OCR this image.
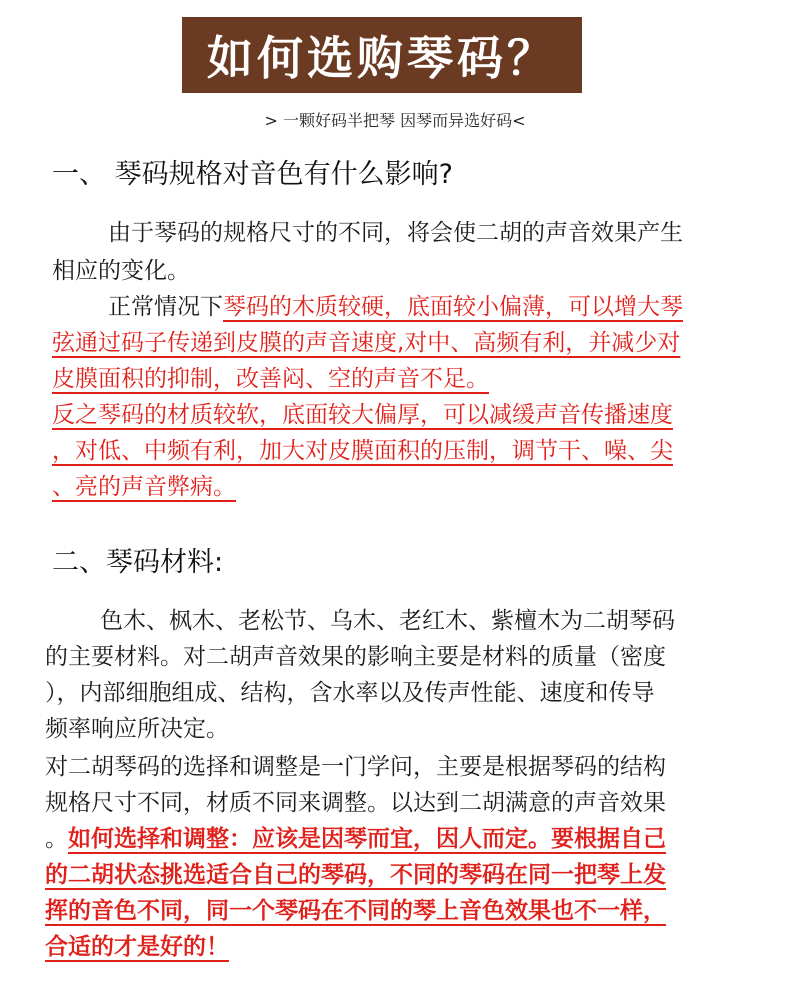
如何选购琴码？
> 一颗好码半把琴 因琴而异选好码<
一、 琴码规格对音色有什么影响?
由于琴码的规格尺寸的不同，将会使二胡的声音效果产生
相应的变化。
正常情况下琴码的木质较硬，底面较小偏薄，可以增大琴
弦通过码子传递到皮膜的声音速度,对中、高频有利，并减少对
皮膜面积的抑制，改善闷、空的声音不足。
反之琴码的材质较软，底面较大偏厚，可以减缓声音传播速度
，对低、中频有利，加大对皮膜面积的压制，调节干、噪、尖
、亮的声音弊病。
二、琴码材料:
色木、枫木、老松节、乌木、老红木、紫檀木为二胡琴码
的主要材料。对二胡声音效果的影响主要是材料的质量（密度
），内部细胞组成、结构，含水率以及传声性能、速度和传导
频率响应所决定。
对二胡琴码的选择和调整是一门学问，主要是根据琴码的结构
规格尺寸不同，材质不同来调整。以达到二胡满意的声音效果
。如何选择和调整：应该是因琴而宜，因人而定。要根据自己
的二胡状态挑选适合自己的琴码，不同的琴码在同一把琴上发
挥的音色不同，同一个琴码在不同的琴上音色效果也不一样，
合适的才是好的！
